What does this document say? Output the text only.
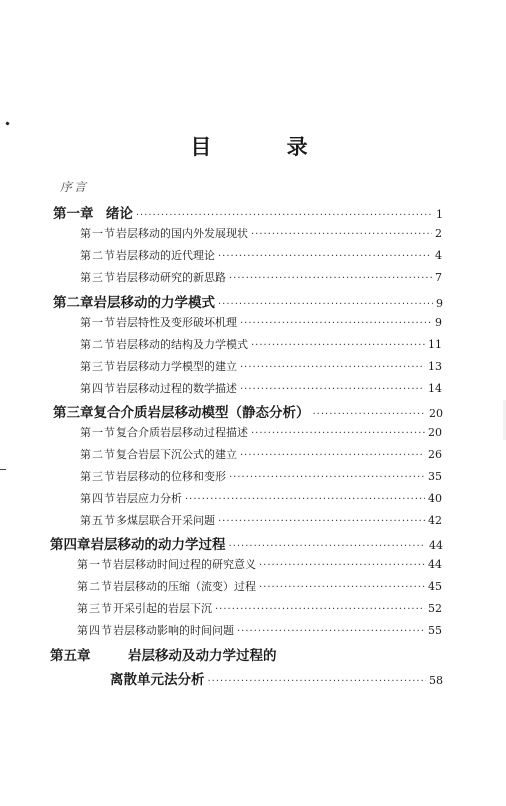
目 录
序言
第一章 绪论 ·····	1
第一节 岩层移动的国内外发展现状 ·····	2
第二节 岩层移动的近代理论 ·····	4
第三节 岩层移动研究的新思路 ·····	7
第二章 岩层移动的力学模式 ·····	9
第一节 岩层特性及变形破坏机理 ·····	9
第二节 岩层移动的结构及力学模式 ·····	11
第三节 岩层移动力学模型的建立 ·····	13
第四节 岩层移动过程的数学描述 ·····	14
第三章 复合介质岩层移动模型（静态分析） ·····	20
第一节 复合介质岩层移动过程描述 ·····	20
第二节 复合岩层下沉公式的建立 ·····	26
第三节 岩层移动的位移和变形 ·····	35
第四节 岩层应力分析 ·····	40
第五节 多煤层联合开采问题 ·····	42
第四章 岩层移动的动力学过程 ·····	44
第一节 岩层移动时间过程的研究意义 ·····	44
第二节 岩层移动的压缩（流变）过程 ·····	45
第三节 开采引起的岩层下沉 ·····	52
第四节 岩层移动影响的时间问题 ·····	55
第五章	岩层移动及动力学过程的
离散单元法分析 ·····	58
